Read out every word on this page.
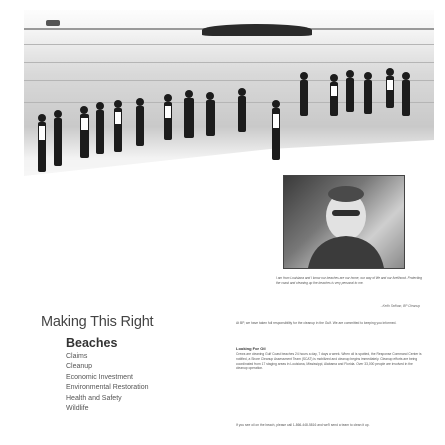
I am from Louisiana and I know our beaches are our home, our way of life and our livelihood. Protecting the coast and cleaning up the beaches is very personal to me.
- Keith Seilhan, BP Cleanup
Making This Right
Beaches
Claims
Cleanup
Economic Investment
Environmental Restoration
Health and Safety
Wildlife
At BP, we have taken full responsibility for the cleanup in the Gulf. We are committed to keeping you informed.
Looking For Oil
Crews are cleaning Gulf Coast beaches 24 hours a day, 7 days a week. When oil is spotted, the Response Command Center is notified, a Shore Cleanup Assessment Team (SCAT) is mobilized and cleanup begins immediately. Cleanup efforts are being coordinated from 17 staging areas in Louisiana, Mississippi, Alabama and Florida. Over 33,000 people are involved in the cleanup operation.
If you see oil on the beach, please call 1-866-448-5816 and we'll send a team to clean it up.
